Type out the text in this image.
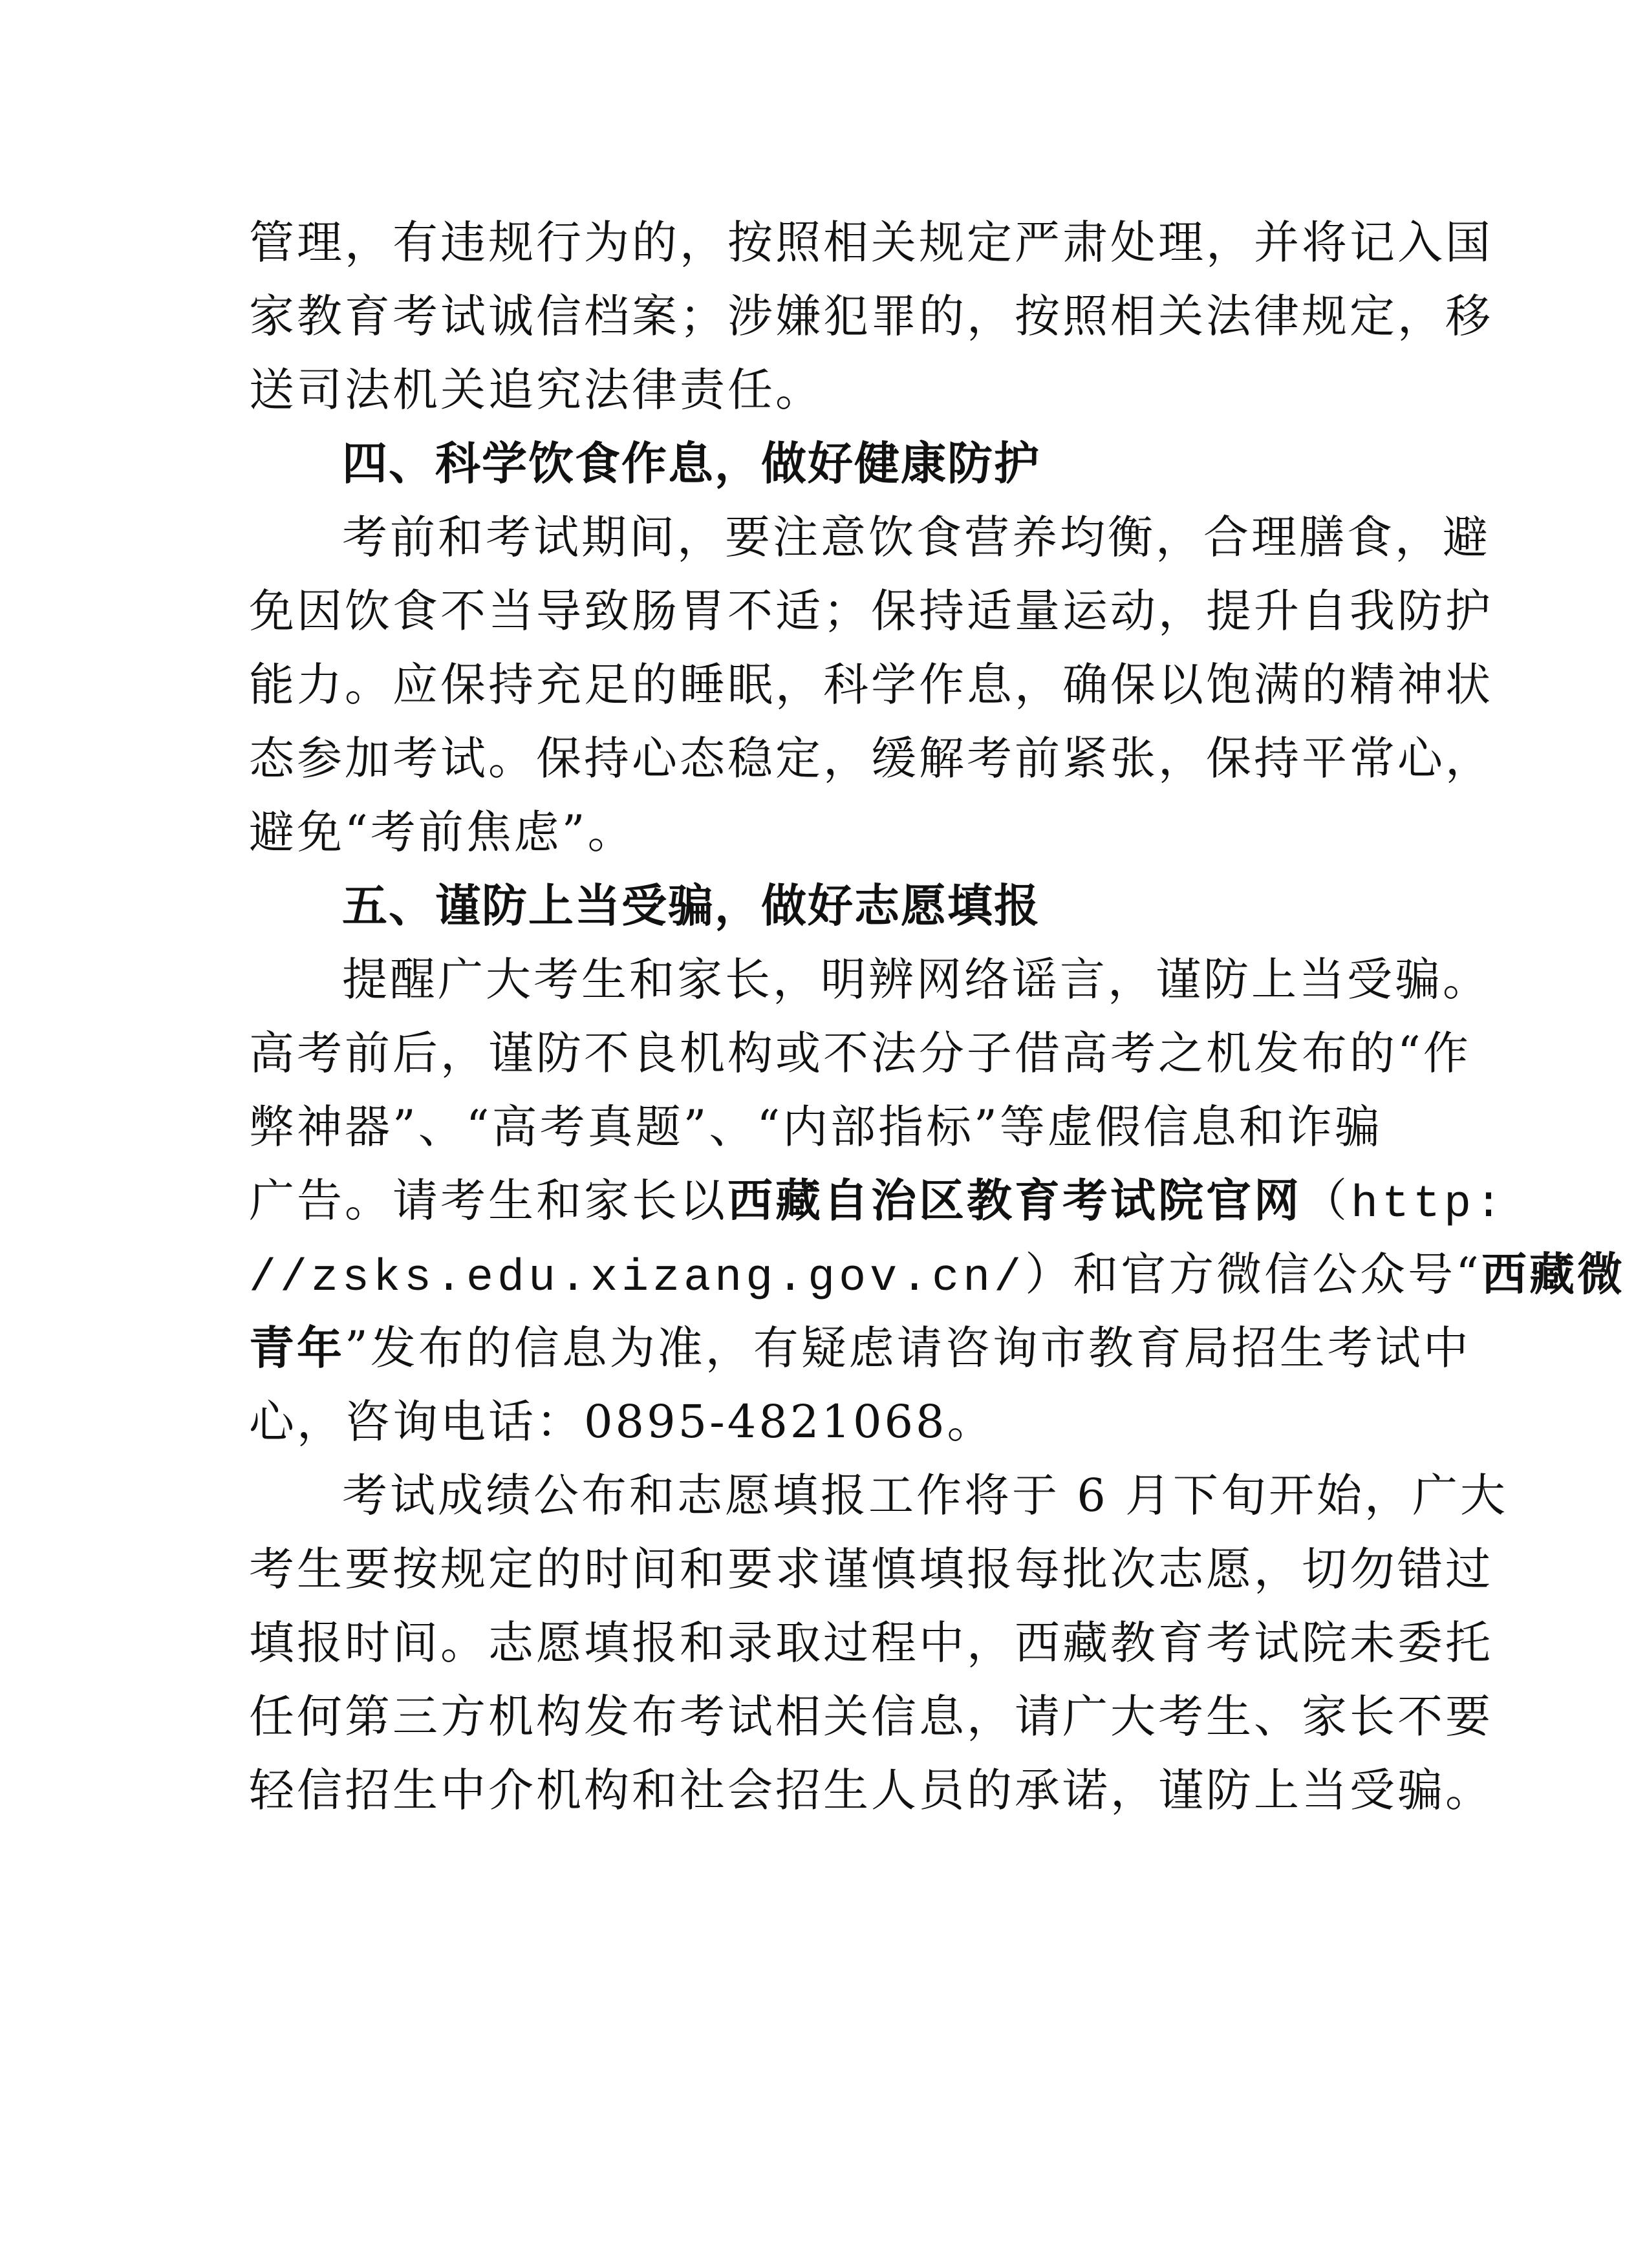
管理，有违规行为的，按照相关规定严肃处理，并将记入国
家教育考试诚信档案；涉嫌犯罪的，按照相关法律规定，移
送司法机关追究法律责任。
四、科学饮食作息，做好健康防护
考前和考试期间，要注意饮食营养均衡，合理膳食，避
免因饮食不当导致肠胃不适；保持适量运动，提升自我防护
能力。应保持充足的睡眠，科学作息，确保以饱满的精神状
态参加考试。保持心态稳定，缓解考前紧张，保持平常心，
避免“考前焦虑”。
五、谨防上当受骗，做好志愿填报
提醒广大考生和家长，明辨网络谣言，谨防上当受骗。
高考前后，谨防不良机构或不法分子借高考之机发布的“作
弊神器”、“高考真题”、“内部指标”等虚假信息和诈骗
广告。请考生和家长以西藏自治区教育考试院官网（http:
//zsks.edu.xizang.gov.cn/）和官方微信公众号“西藏微
青年”发布的信息为准，有疑虑请咨询市教育局招生考试中
心，咨询电话：0895-4821068。
考试成绩公布和志愿填报工作将于 6 月下旬开始，广大
考生要按规定的时间和要求谨慎填报每批次志愿，切勿错过
填报时间。志愿填报和录取过程中，西藏教育考试院未委托
任何第三方机构发布考试相关信息，请广大考生、家长不要
轻信招生中介机构和社会招生人员的承诺，谨防上当受骗。
